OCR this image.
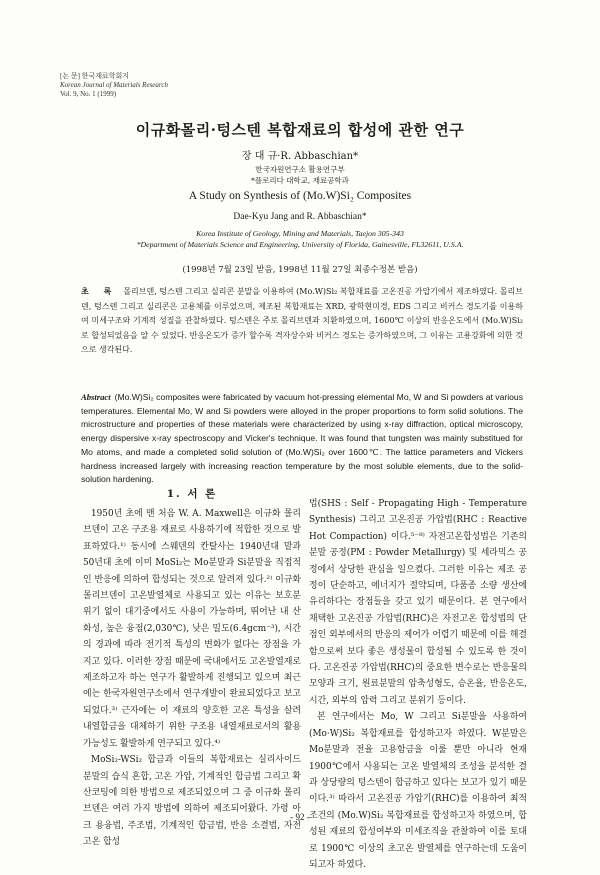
[논 문] 한국재료학회지
Korean Journal of Materials Research
Vol. 9, No. 1 (1999)
이규화몰리·텅스텐 복합재료의 합성에 관한 연구
장 대 규·R. Abbaschian*
한국자원연구소 활용연구부
*플로리다 대학교, 재료공학과
A Study on Synthesis of (Mo.W)Si₂ Composites
Dae-Kyu Jang and R. Abbaschian*
Korea Institute of Geology, Mining and Materials, Taejon 305-343
*Department of Materials Science and Engineering, University of Florida, Gainesville, FL32611, U.S.A.
(1998년 7월 23일 받음, 1998년 11월 27일 최종수정본 받음)
초 록 몰리브덴, 텅스텐 그리고 실리콘 분말을 이용하여 (Mo.W)Si₂ 복합재료를 고온진공 가압기에서 제조하였다. 몰리브덴, 텅스텐 그리고 실리콘은 고용체를 이루었으며, 제조된 복합재료는 XRD, 광학현미경, EDS 그리고 비커스 경도기를 이용하여 미세구조와 기계적 성질을 관찰하였다. 텅스텐은 주로 몰리브덴과 치환하였으며, 1600℃ 이상의 반응온도에서 (Mo.W)Si₂로 합성되었음을 알 수 있었다. 반응온도가 증가 할수록 격자상수와 비커스 경도는 증가하였으며, 그 이유는 고용강화에 의한 것으로 생각된다.
Abstract (Mo.W)Si₂ composites were fabricated by vacuum hot-pressing elemental Mo, W and Si powders at various temperatures. Elemental Mo, W and Si powders were alloyed in the proper proportions to form solid solutions. The microstructure and properties of these materials were characterized by using x-ray diffraction, optical microscopy, energy dispersive x-ray spectroscopy and Vicker's technique. It was found that tungsten was mainly substitued for Mo atoms, and made a completed solid solution of (Mo.W)Si₂ over 1600℃. The lattice parameters and Vickers hardness increased largely with increasing reaction temperature by the most soluble elements, due to the solid-solution hardening.
1. 서 론

1950년 초에 맨 처음 W. A. Maxwell은 이규화 몰리브덴이 고온 구조용 재료로 사용하기에 적합한 것으로 발표하였다.¹⁾ 동시에 스웨덴의 칸탈사는 1940년대 말과 50년대 초에 이미 MoSi₂는 Mo분말과 Si분말을 직접적인 반응에 의하여 합성되는 것으로 알려져 있다.²⁾ 이규화 몰리브덴이 고온발열체로 사용되고 있는 이유는 보호분위기 없이 대기중에서도 사용이 가능하며, 뛰어난 내 산화성, 높은 융점(2,030℃), 낮은 밀도(6.4gcm⁻³), 시간의 경과에 따라 전기적 특성의 변화가 없다는 장점을 가지고 있다. 이러한 장점 때문에 국내에서도 고온발열재로 제조하고자 하는 연구가 활발하게 진행되고 있으며 최근에는 한국자원연구소에서 연구개발이 완료되었다고 보고되었다.³⁾ 근자에는 이 재료의 양호한 고온 특성을 살려 내열합금을 대체하기 위한 구조용 내열재료로서의 활용가능성도 활발하게 연구되고 있다.⁴⁾

MoSi₂-WSi₂ 합금과 이들의 복합재료는 실리사이드 분말의 습식 혼합, 고온 가압, 기계적인 합금법 그리고 확산코팅에 의한 방법으로 제조되었으며 그 중 이규화 몰리브덴은 여러 가지 방법에 의하여 제조되어왔다. 가령 아크 용융법, 주조법, 기계적인 합금법, 반응 소결법, 자전고온 합성

법(SHS : Self - Propagating High - Temperature Synthesis) 그리고 고온진공 가압법(RHC : Reactive Hot Compaction) 이다.⁵⁻⁸⁾ 자전고온합성법은 기존의 분말 공정(PM : Powder Metallurgy) 및 세라믹스 공정에서 상당한 관심을 일으켰다. 그러한 이유는 제조 공정이 단순하고, 에너지가 절약되며, 다품종 소량 생산에 유리하다는 장점들을 갖고 있기 때문이다. 본 연구에서 채택한 고온진공 가압법(RHC)은 자전고온 합성법의 단점인 외부에서의 반응의 제어가 어렵기 때문에 이를 해결함으로써 보다 좋은 생성물이 합성될 수 있도록 한 것이다. 고온진공 가압법(RHC)의 중요한 변수로는 반응물의 모양과 크기, 원료분말의 압축성형도, 승온율, 반응온도, 시간, 외부의 압력 그리고 분위기 등이다.

본 연구에서는 Mo, W 그리고 Si분말을 사용하여 (Mo·W)Si₂ 복합재료를 합성하고자 하였다. W분말은 Mo분말과 전율 고용함금을 이룰 뿐만 아니라 현재 1900℃에서 사용되는 고온 발열체의 조성을 분석한 결과 상당량의 텅스텐이 합금하고 있다는 보고가 있기 때문이다.³⁾ 따라서 고온진공 가압기(RHC)를 이용하여 최적조건의 (Mo.W)Si₂ 복합재료를 합성하고자 하였으며, 합성된 재료의 합성여부와 미세조직을 관찰하여 이를 토대로 1900℃ 이상의 초고온 발열체를 연구하는데 도움이 되고자 하였다.

- 92 -
